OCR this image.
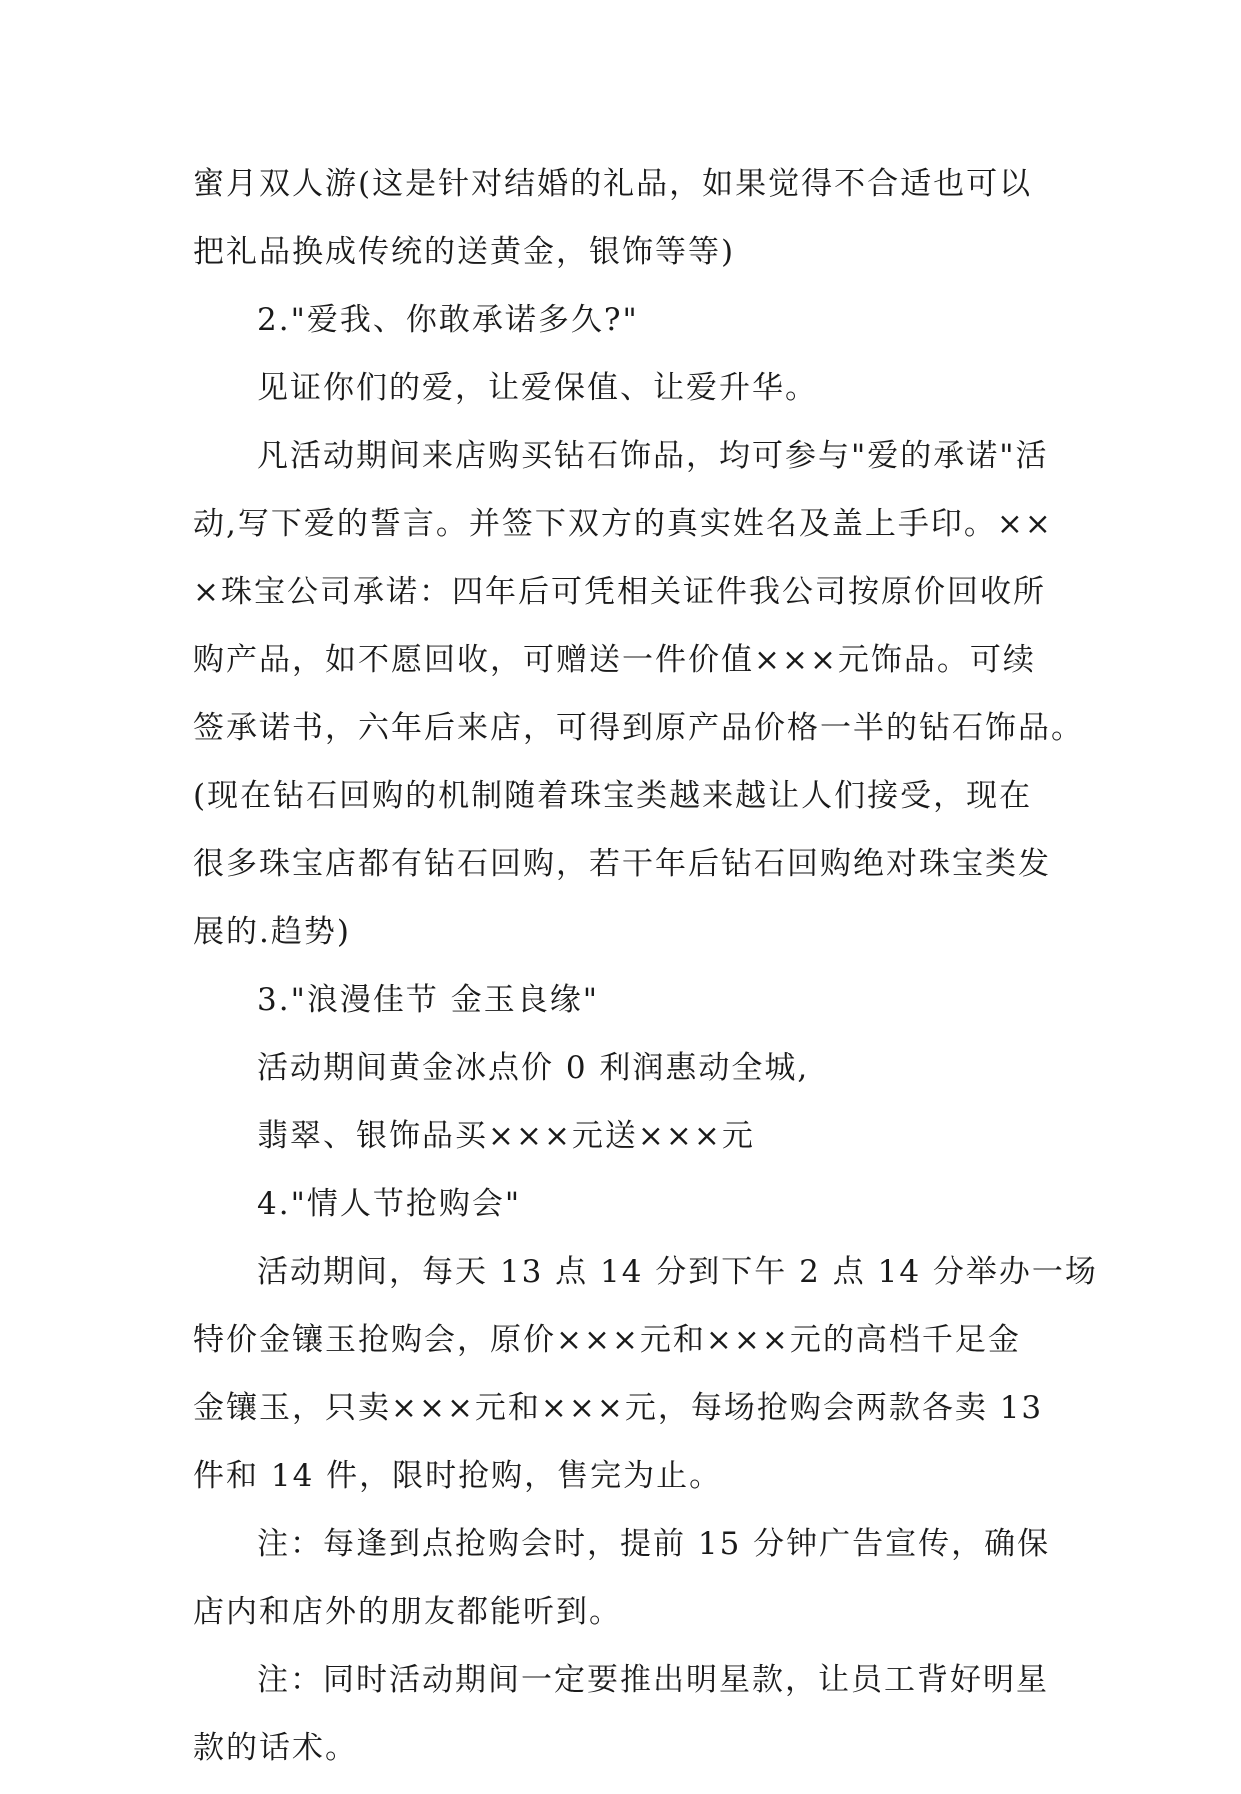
蜜月双人游(这是针对结婚的礼品，如果觉得不合适也可以
把礼品换成传统的送黄金，银饰等等)
2."爱我、你敢承诺多久?"
见证你们的爱，让爱保值、让爱升华。
凡活动期间来店购买钻石饰品，均可参与"爱的承诺"活
动,写下爱的誓言。并签下双方的真实姓名及盖上手印。××
×珠宝公司承诺：四年后可凭相关证件我公司按原价回收所
购产品，如不愿回收，可赠送一件价值×××元饰品。可续
签承诺书，六年后来店，可得到原产品价格一半的钻石饰品。
(现在钻石回购的机制随着珠宝类越来越让人们接受，现在
很多珠宝店都有钻石回购，若干年后钻石回购绝对珠宝类发
展的.趋势)
3."浪漫佳节 金玉良缘"
活动期间黄金冰点价 0 利润惠动全城,
翡翠、银饰品买×××元送×××元
4."情人节抢购会"
活动期间，每天 13 点 14 分到下午 2 点 14 分举办一场
特价金镶玉抢购会，原价×××元和×××元的高档千足金
金镶玉，只卖×××元和×××元，每场抢购会两款各卖 13
件和 14 件，限时抢购，售完为止。
注：每逢到点抢购会时，提前 15 分钟广告宣传，确保
店内和店外的朋友都能听到。
注：同时活动期间一定要推出明星款，让员工背好明星
款的话术。
